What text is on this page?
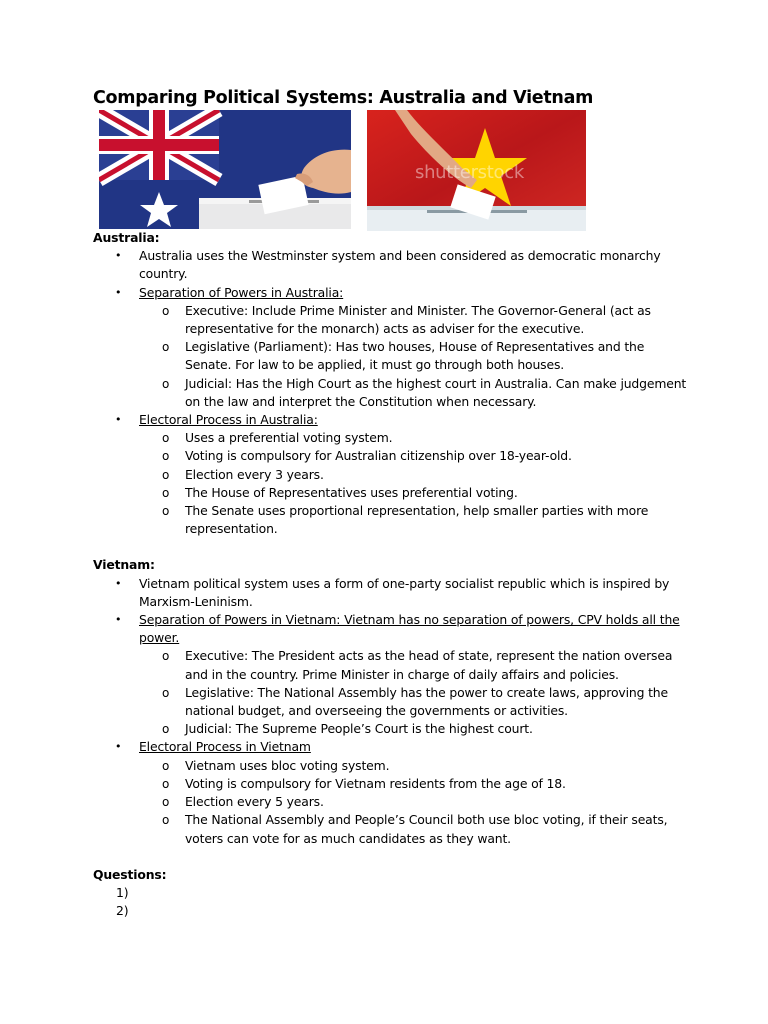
Comparing Political Systems: Australia and Vietnam
shutterstock
Australia:
• Australia uses the Westminster system and been considered as democratic monarchy country.
• Separation of Powers in Australia:
o Executive: Include Prime Minister and Minister. The Governor-General (act as representative for the monarch) acts as adviser for the executive.
o Legislative (Parliament): Has two houses, House of Representatives and the Senate. For law to be applied, it must go through both houses.
o Judicial: Has the High Court as the highest court in Australia. Can make judgement on the law and interpret the Constitution when necessary.
• Electoral Process in Australia:
o Uses a preferential voting system.
o Voting is compulsory for Australian citizenship over 18-year-old.
o Election every 3 years.
o The House of Representatives uses preferential voting.
o The Senate uses proportional representation, help smaller parties with more representation.
Vietnam:
• Vietnam political system uses a form of one-party socialist republic which is inspired by Marxism-Leninism.
• Separation of Powers in Vietnam: Vietnam has no separation of powers, CPV holds all the power.
o Executive: The President acts as the head of state, represent the nation oversea and in the country. Prime Minister in charge of daily affairs and policies.
o Legislative: The National Assembly has the power to create laws, approving the national budget, and overseeing the governments or activities.
o Judicial: The Supreme People’s Court is the highest court.
• Electoral Process in Vietnam
o Vietnam uses bloc voting system.
o Voting is compulsory for Vietnam residents from the age of 18.
o Election every 5 years.
o The National Assembly and People’s Council both use bloc voting, if their seats, voters can vote for as much candidates as they want.
Questions:
1)
2)
